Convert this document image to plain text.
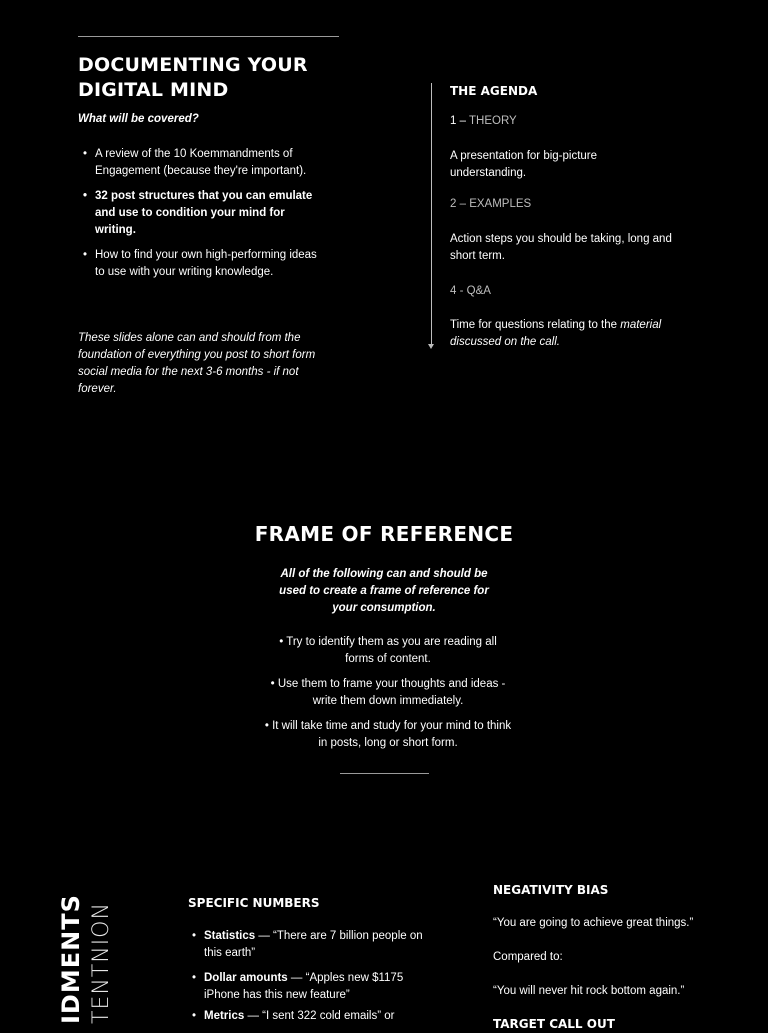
DOCUMENTING YOUR
DIGITAL MIND
What will be covered?
• A review of the 10 Koemmandments of Engagement (because they're important).
• 32 post structures that you can emulate and use to condition your mind for writing.
• How to find your own high-performing ideas to use with your writing knowledge.
These slides alone can and should from the foundation of everything you post to short form social media for the next 3-6 months - if not forever.
THE AGENDA
1 – THEORY
A presentation for big-picture understanding.
2 – EXAMPLES
Action steps you should be taking, long and short term.
4 - Q&A
Time for questions relating to the material discussed on the call.
FRAME OF REFERENCE
All of the following can and should be used to create a frame of reference for your consumption.
• Try to identify them as you are reading all forms of content.
• Use them to frame your thoughts and ideas - write them down immediately.
• It will take time and study for your mind to think in posts, long or short form.
IDMENTS TENTNION	SPECIFIC NUMBERS
• Statistics — “There are 7 billion people on this earth”
• Dollar amounts — “Apples new $1175 iPhone has this new feature”
• Metrics — “I sent 322 cold emails” or
NEGATIVITY BIAS
“You are going to achieve great things.”
Compared to:
“You will never hit rock bottom again.”
TARGET CALL OUT
